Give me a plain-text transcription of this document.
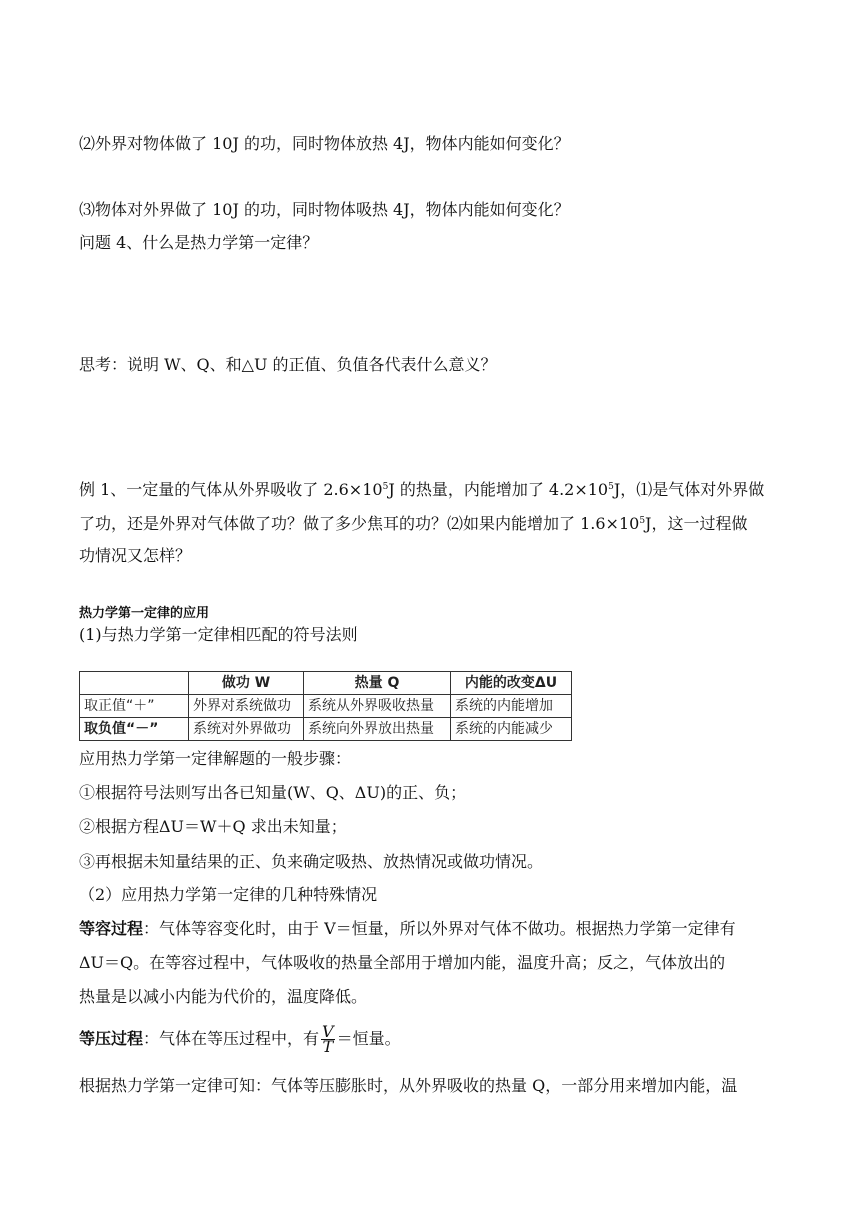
⑵外界对物体做了 10J 的功，同时物体放热 4J，物体内能如何变化？
⑶物体对外界做了 10J 的功，同时物体吸热 4J，物体内能如何变化？
问题 4、什么是热力学第一定律？
思考：说明 W、Q、和△U 的正值、负值各代表什么意义？
例 1、一定量的气体从外界吸收了 $2.6\times 10^5J$ 的热量，内能增加了 $4.2\times 10^5J$，⑴是气体对外界做
了功，还是外界对气体做了功？做了多少焦耳的功？⑵如果内能增加了 $1.6\times 10^5J$，这一过程做
功情况又怎样？
热力学第一定律的应用
(1)与热力学第一定律相匹配的符号法则
	做功 W	热量 Q	内能的改变ΔU
取正值“＋”	外界对系统做功	系统从外界吸收热量	系统的内能增加
取负值“－”	系统对外界做功	系统向外界放出热量	系统的内能减少
应用热力学第一定律解题的一般步骤：
①根据符号法则写出各已知量(W、Q、ΔU)的正、负；
②根据方程ΔU＝W＋Q 求出未知量；
③再根据未知量结果的正、负来确定吸热、放热情况或做功情况。
（2）应用热力学第一定律的几种特殊情况
等容过程：气体等容变化时，由于 V＝恒量，所以外界对气体不做功。根据热力学第一定律有
ΔU＝Q。在等容过程中，气体吸收的热量全部用于增加内能，温度升高；反之，气体放出的
热量是以减小内能为代价的，温度降低。
等压过程：气体在等压过程中，有 $\frac{V}{T}$ ＝恒量。
根据热力学第一定律可知：气体等压膨胀时，从外界吸收的热量 Q，一部分用来增加内能，温
